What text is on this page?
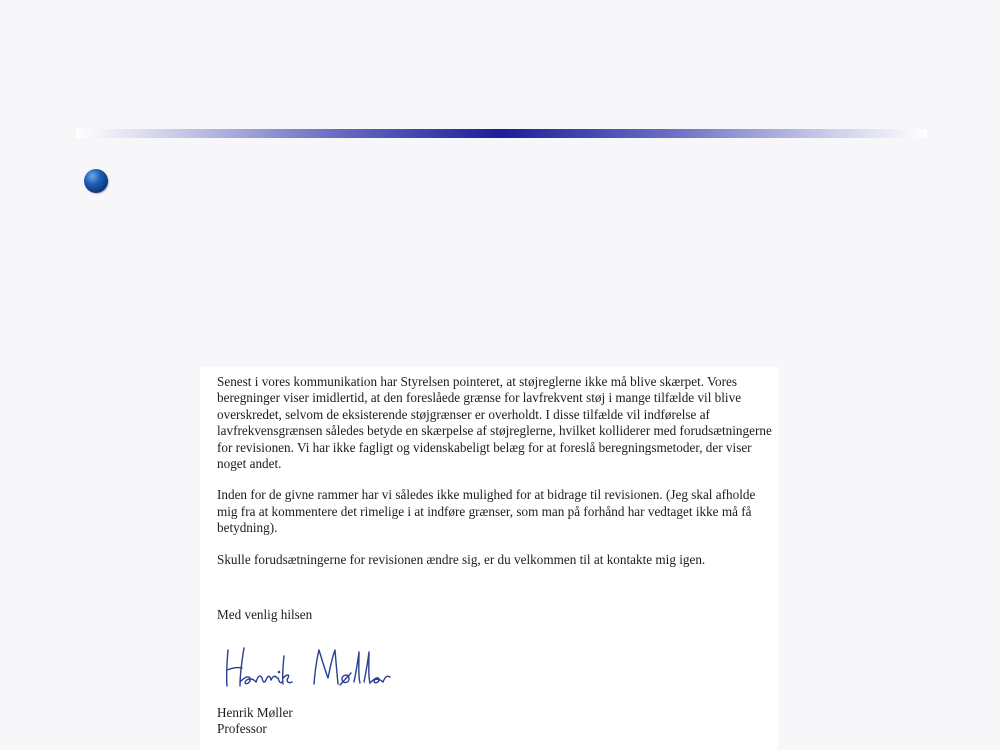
Senest i vores kommunikation har Styrelsen pointeret, at støjreglerne ikke må blive skærpet. Vores beregninger viser imidlertid, at den foreslåede grænse for lavfrekvent støj i mange tilfælde vil blive overskredet, selvom de eksisterende støjgrænser er overholdt. I disse tilfælde vil indførelse af lavfrekvensgrænsen således betyde en skærpelse af støjreglerne, hvilket kolliderer med forudsætningerne for revisionen. Vi har ikke fagligt og videnskabeligt belæg for at foreslå beregningsmetoder, der viser noget andet.

Inden for de givne rammer har vi således ikke mulighed for at bidrage til revisionen. (Jeg skal afholde mig fra at kommentere det rimelige i at indføre grænser, som man på forhånd har vedtaget ikke må få betydning).

Skulle forudsætningerne for revisionen ændre sig, er du velkommen til at kontakte mig igen.

Med venlig hilsen

Henrik Møller
Professor
